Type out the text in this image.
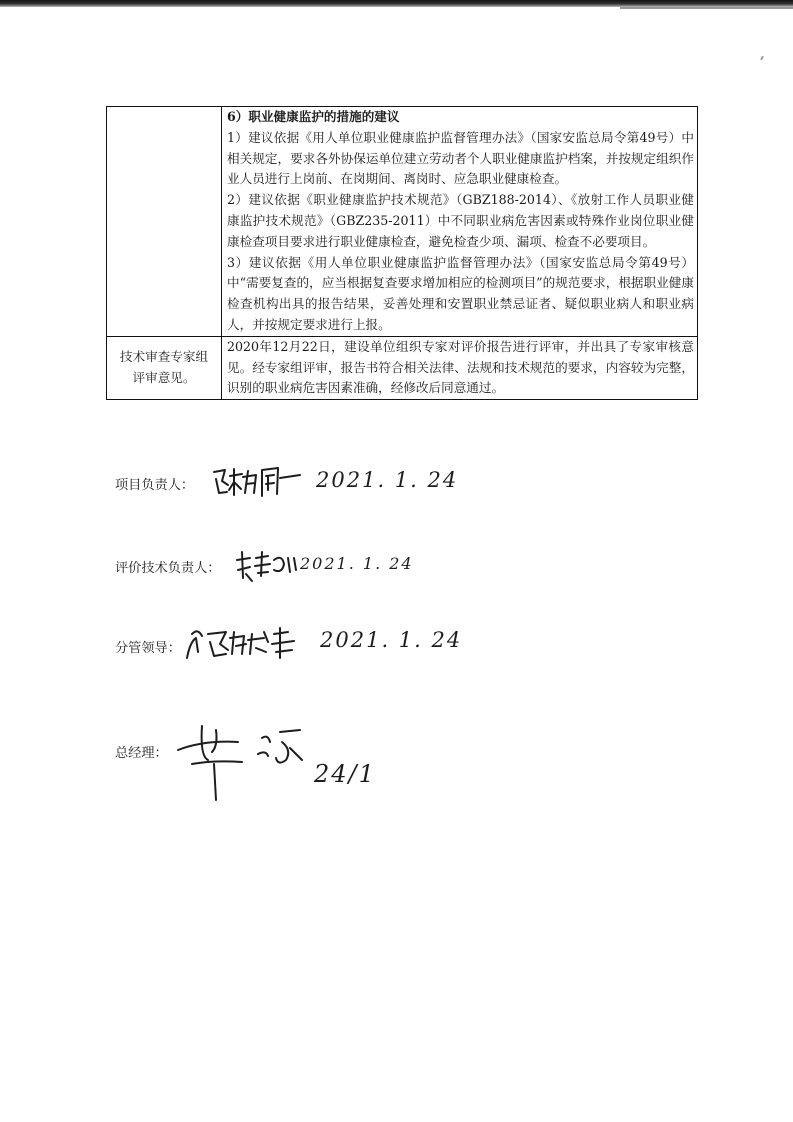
	6）职业健康监护的措施的建议
1）建议依据《用人单位职业健康监护监督管理办法》（国家安监总局令第49号）中相关规定，要求各外协保运单位建立劳动者个人职业健康监护档案，并按规定组织作业人员进行上岗前、在岗期间、离岗时、应急职业健康检查。
2）建议依据《职业健康监护技术规范》（GBZ188-2014）、《放射工作人员职业健康监护技术规范》（GBZ235-2011）中不同职业病危害因素或特殊作业岗位职业健康检查项目要求进行职业健康检查，避免检查少项、漏项、检查不必要项目。
3）建议依据《用人单位职业健康监护监督管理办法》（国家安监总局令第49号）中“需要复查的，应当根据复查要求增加相应的检测项目”的规范要求，根据职业健康检查机构出具的报告结果，妥善处理和安置职业禁忌证者、疑似职业病人和职业病人，并按规定要求进行上报。

技术审查专家组
评审意见。	2020年12月22日，建设单位组织专家对评价报告进行评审，并出具了专家审核意见。经专家组评审，报告书符合相关法律、法规和技术规范的要求，内容较为完整，识别的职业病危害因素准确，经修改后同意通过。
项目负责人：	2021. 1. 24
评价技术负责人：	2021. 1. 24
分管领导：	2021. 1. 24
总经理：
24/1
